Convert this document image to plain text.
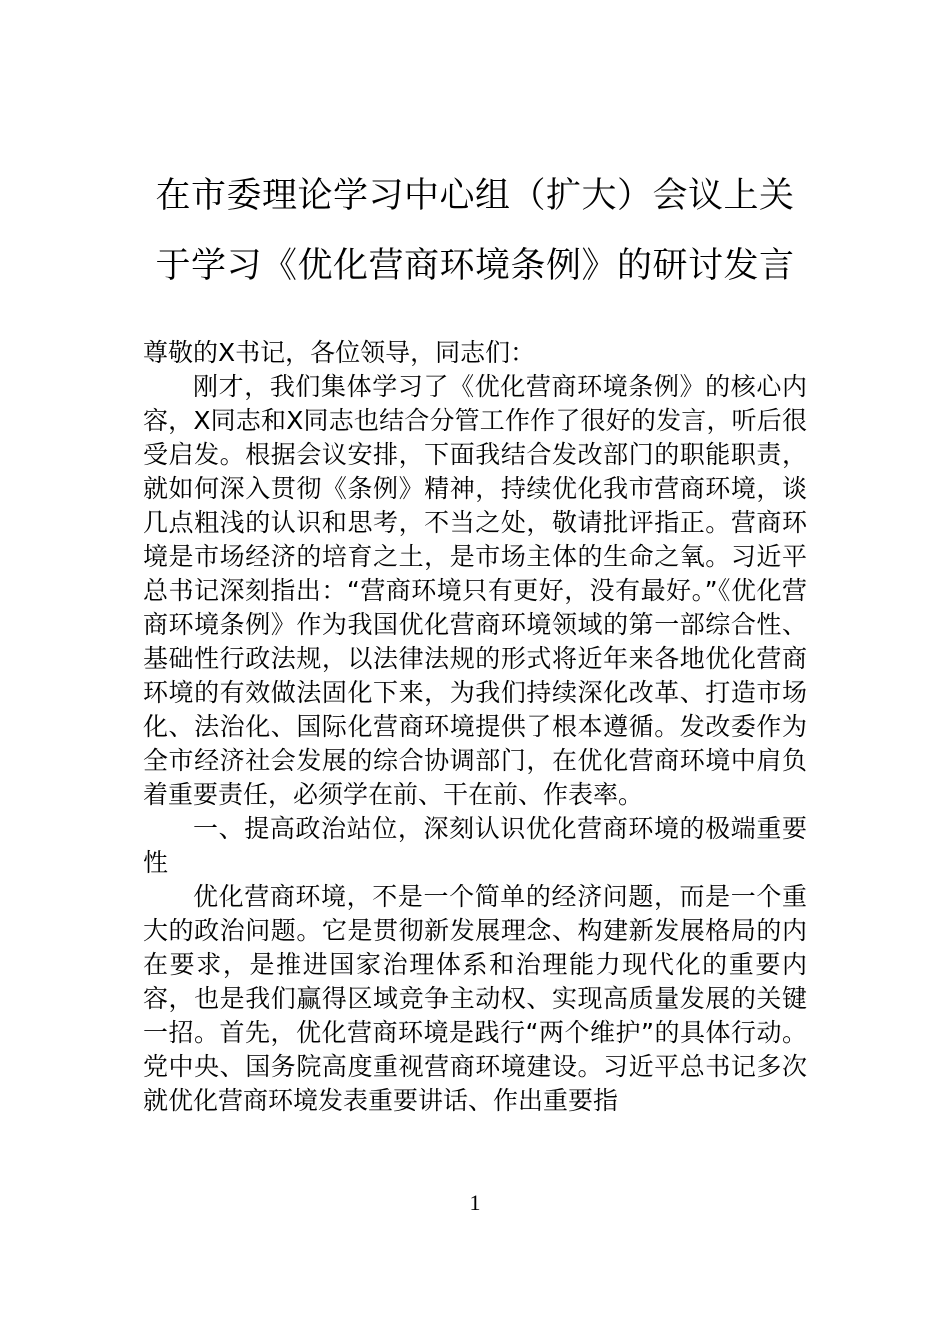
在市委理论学习中心组（扩大）会议上关
于学习《优化营商环境条例》的研讨发言

尊敬的X书记，各位领导，同志们：

刚才，我们集体学习了《优化营商环境条例》的核心内容，X同志和X同志也结合分管工作作了很好的发言，听后很受启发。根据会议安排，下面我结合发改部门的职能职责，就如何深入贯彻《条例》精神，持续优化我市营商环境，谈几点粗浅的认识和思考，不当之处，敬请批评指正。营商环境是市场经济的培育之土，是市场主体的生命之氧。习近平总书记深刻指出：“营商环境只有更好，没有最好。”《优化营商环境条例》作为我国优化营商环境领域的第一部综合性、基础性行政法规，以法律法规的形式将近年来各地优化营商环境的有效做法固化下来，为我们持续深化改革、打造市场化、法治化、国际化营商环境提供了根本遵循。发改委作为全市经济社会发展的综合协调部门，在优化营商环境中肩负着重要责任，必须学在前、干在前、作表率。

一、提高政治站位，深刻认识优化营商环境的极端重要性

优化营商环境，不是一个简单的经济问题，而是一个重大的政治问题。它是贯彻新发展理念、构建新发展格局的内在要求，是推进国家治理体系和治理能力现代化的重要内容，也是我们赢得区域竞争主动权、实现高质量发展的关键一招。首先，优化营商环境是践行“两个维护”的具体行动。党中央、国务院高度重视营商环境建设。习近平总书记多次就优化营商环境发表重要讲话、作出重要指

1
